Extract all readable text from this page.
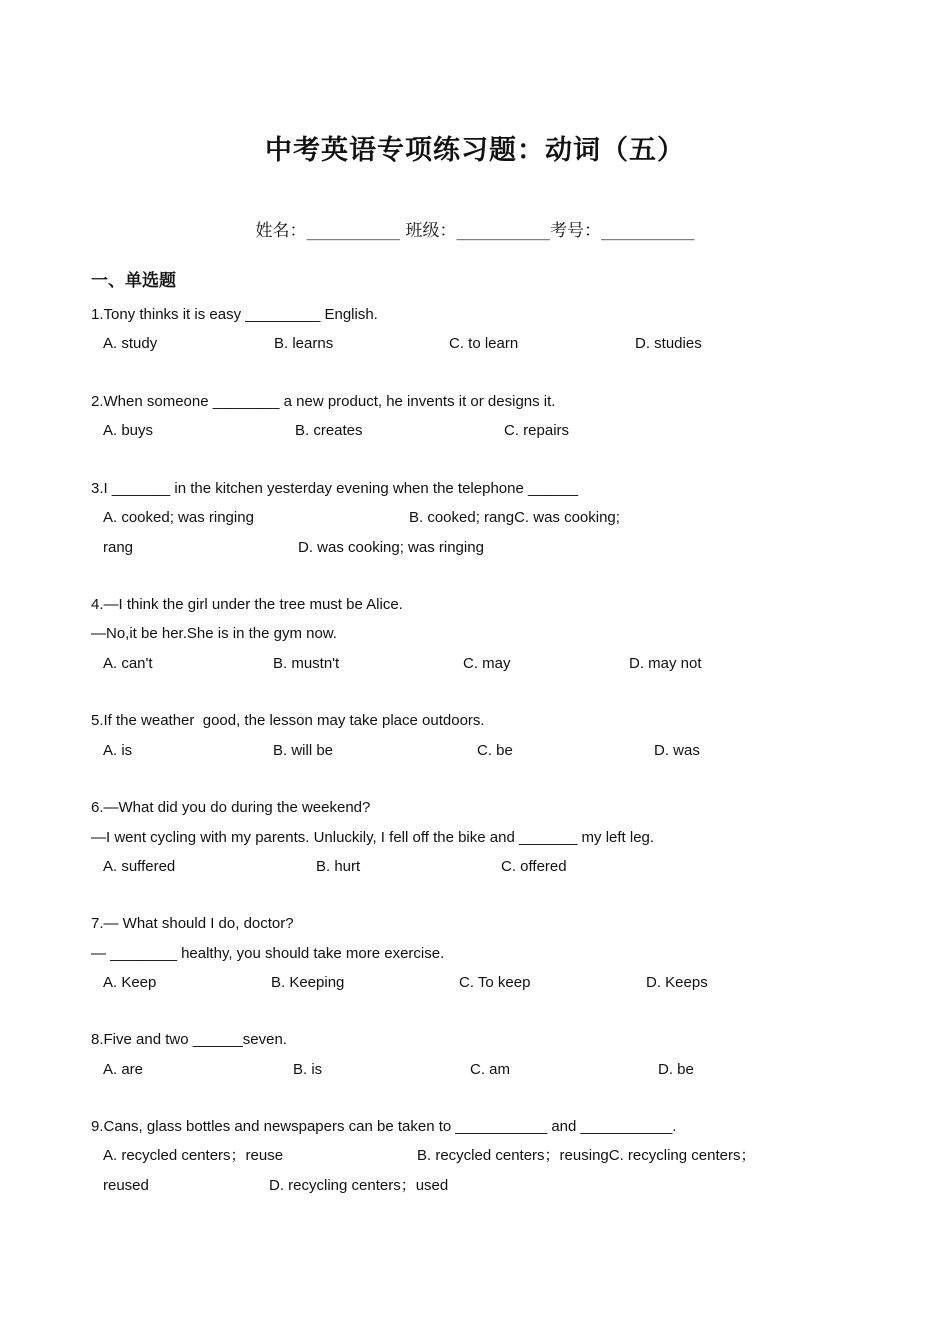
中考英语专项练习题：动词（五）
姓名：___________ 班级：___________考号：___________
一、单选题
1.Tony thinks it is easy _________ English.
A. study	B. learns	C. to learn	D. studies
2.When someone ________ a new product, he invents it or designs it.
A. buys	B. creates	C. repairs
3.I _______ in the kitchen yesterday evening when the telephone ______
A. cooked; was ringing	B. cooked; rangC. was cooking;
rang	D. was cooking; was ringing
4.—I think the girl under the tree must be Alice.
—No,it be her.She is in the gym now.
A. can't	B. mustn't	C. may	D. may not
5.If the weather  good, the lesson may take place outdoors.
A. is	B. will be	C. be	D. was
6.—What did you do during the weekend?
—I went cycling with my parents. Unluckily, I fell off the bike and _______ my left leg.
A. suffered	B. hurt	C. offered
7.— What should I do, doctor?
— ________ healthy, you should take more exercise.
A. Keep	B. Keeping	C. To keep	D. Keeps
8.Five and two ______seven.
A. are	B. is	C. am	D. be
9.Cans, glass bottles and newspapers can be taken to ___________ and ___________.
A. recycled centers；reuse	B. recycled centers；reusingC. recycling centers；
reused	D. recycling centers；used
